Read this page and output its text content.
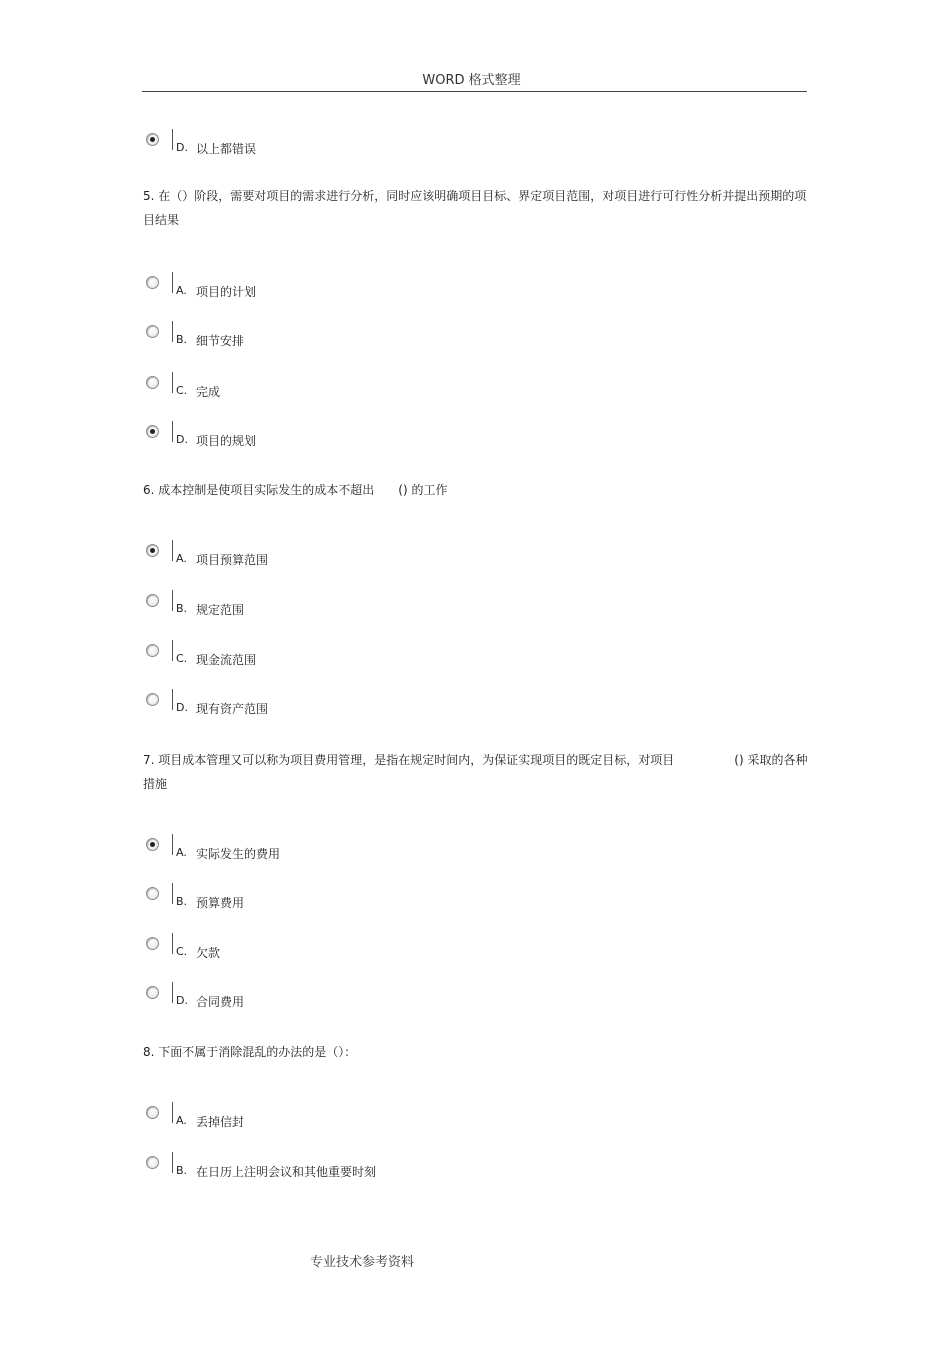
WORD 格式整理
D. 以上都错误
5. 在（）阶段，需要对项目的需求进行分析，同时应该明确项目目标、界定项目范围，对项目进行可行性分析并提出预期的项目结果
A. 项目的计划
B. 细节安排
C. 完成
D. 项目的规划
6. 成本控制是使项目实际发生的成本不超出　　() 的工作
A. 项目预算范围
B. 规定范围
C. 现金流范围
D. 现有资产范围
7. 项目成本管理又可以称为项目费用管理，是指在规定时间内，为保证实现项目的既定目标，对项目　　　　　() 采取的各种措施
A. 实际发生的费用
B. 预算费用
C. 欠款
D. 合同费用
8. 下面不属于消除混乱的办法的是（）：
A. 丢掉信封
B. 在日历上注明会议和其他重要时刻
专业技术参考资料
